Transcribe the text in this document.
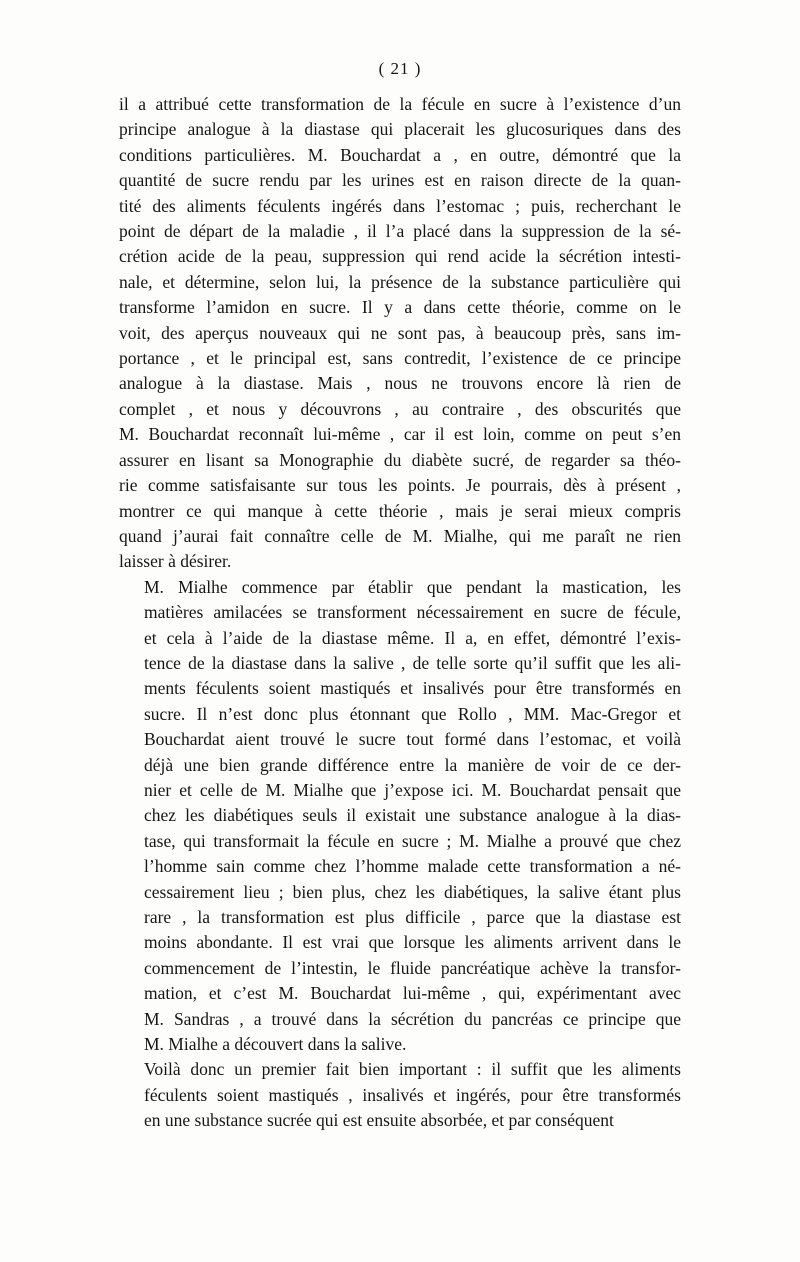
( 21 )

il a attribué cette transformation de la fécule en sucre à l’existence d’un
principe analogue à la diastase qui placerait les glucosuriques dans des
conditions particulières. M. Bouchardat a , en outre, démontré que la
quantité de sucre rendu par les urines est en raison directe de la quan-
tité des aliments féculents ingérés dans l’estomac ; puis, recherchant le
point de départ de la maladie , il l’a placé dans la suppression de la sé-
crétion acide de la peau, suppression qui rend acide la sécrétion intesti-
nale, et détermine, selon lui, la présence de la substance particulière qui
transforme l’amidon en sucre. Il y a dans cette théorie, comme on le
voit, des aperçus nouveaux qui ne sont pas, à beaucoup près, sans im-
portance , et le principal est, sans contredit, l’existence de ce principe
analogue à la diastase. Mais , nous ne trouvons encore là rien de
complet , et nous y découvrons , au contraire , des obscurités que
M. Bouchardat reconnaît lui-même , car il est loin, comme on peut s’en
assurer en lisant sa Monographie du diabète sucré, de regarder sa théo-
rie comme satisfaisante sur tous les points. Je pourrais, dès à présent ,
montrer ce qui manque à cette théorie , mais je serai mieux compris
quand j’aurai fait connaître celle de M. Mialhe, qui me paraît ne rien
laisser à désirer.

M. Mialhe commence par établir que pendant la mastication, les
matières amilacées se transforment nécessairement en sucre de fécule,
et cela à l’aide de la diastase même. Il a, en effet, démontré l’exis-
tence de la diastase dans la salive , de telle sorte qu’il suffit que les ali-
ments féculents soient mastiqués et insalivés pour être transformés en
sucre. Il n’est donc plus étonnant que Rollo , MM. Mac-Gregor et
Bouchardat aient trouvé le sucre tout formé dans l’estomac, et voilà
déjà une bien grande différence entre la manière de voir de ce der-
nier et celle de M. Mialhe que j’expose ici. M. Bouchardat pensait que
chez les diabétiques seuls il existait une substance analogue à la dias-
tase, qui transformait la fécule en sucre ; M. Mialhe a prouvé que chez
l’homme sain comme chez l’homme malade cette transformation a né-
cessairement lieu ; bien plus, chez les diabétiques, la salive étant plus
rare , la transformation est plus difficile , parce que la diastase est
moins abondante. Il est vrai que lorsque les aliments arrivent dans le
commencement de l’intestin, le fluide pancréatique achève la transfor-
mation, et c’est M. Bouchardat lui-même , qui, expérimentant avec
M. Sandras , a trouvé dans la sécrétion du pancréas ce principe que
M. Mialhe a découvert dans la salive.

Voilà donc un premier fait bien important : il suffit que les aliments
féculents soient mastiqués , insalivés et ingérés, pour être transformés
en une substance sucrée qui est ensuite absorbée, et par conséquent
